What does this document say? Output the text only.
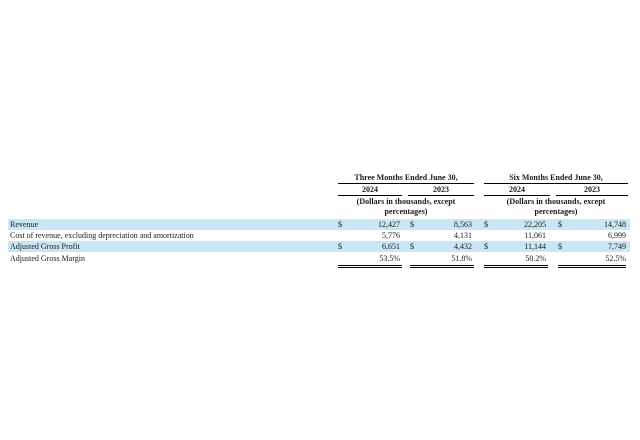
Three Months Ended June 30,	Six Months Ended June 30,
2024	2023	2024	2023
(Dollars in thousands, except percentages)
(Dollars in thousands, except percentages)
Revenue	$	12,427 $	8,563 $	22,205 $	14,748
Cost of revenue, excluding depreciation and amortization	5,776	4,131	11,061	6,999
Adjusted Gross Profit	$	6,651 $	4,432 $	11,144 $	7,749
Adjusted Gross Margin	53.5%	51.8%	50.2%	52.5%
